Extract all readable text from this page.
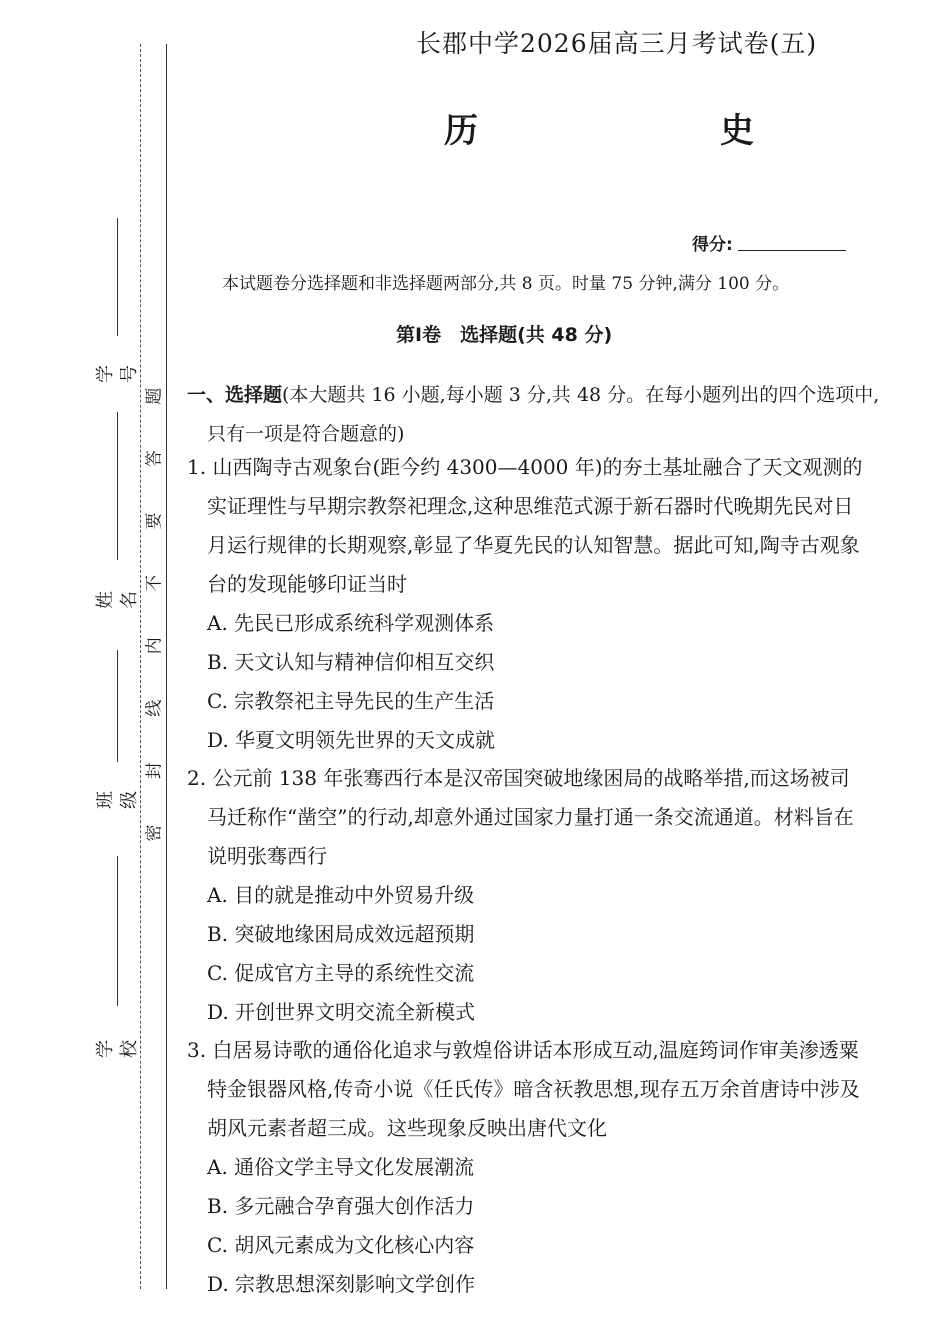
学 号
姓 名
班 级
学 校
密 封 线 内 不 要 答 题
长郡中学2026届高三月考试卷(五)
历　　史
得分:
本试题卷分选择题和非选择题两部分,共 8 页。时量 75 分钟,满分 100 分。
第Ⅰ卷　 选择题(共 48 分)
一、选择题(本大题共 16 小题,每小题 3 分,共 48 分。在每小题列出的四个选项中,只有一项是符合题意的)
1. 山西陶寺古观象台(距今约 4300—4000 年)的夯土基址融合了天文观测的实证理性与早期宗教祭祀理念,这种思维范式源于新石器时代晚期先民对日月运行规律的长期观察,彰显了华夏先民的认知智慧。据此可知,陶寺古观象台的发现能够印证当时
A. 先民已形成系统科学观测体系
B. 天文认知与精神信仰相互交织
C. 宗教祭祀主导先民的生产生活
D. 华夏文明领先世界的天文成就
2. 公元前 138 年张骞西行本是汉帝国突破地缘困局的战略举措,而这场被司马迁称作“凿空”的行动,却意外通过国家力量打通一条交流通道。材料旨在说明张骞西行
A. 目的就是推动中外贸易升级
B. 突破地缘困局成效远超预期
C. 促成官方主导的系统性交流
D. 开创世界文明交流全新模式
3. 白居易诗歌的通俗化追求与敦煌俗讲话本形成互动,温庭筠词作审美渗透粟特金银器风格,传奇小说《任氏传》暗含祆教思想,现存五万余首唐诗中涉及胡风元素者超三成。这些现象反映出唐代文化
A. 通俗文学主导文化发展潮流
B. 多元融合孕育强大创作活力
C. 胡风元素成为文化核心内容
D. 宗教思想深刻影响文学创作
